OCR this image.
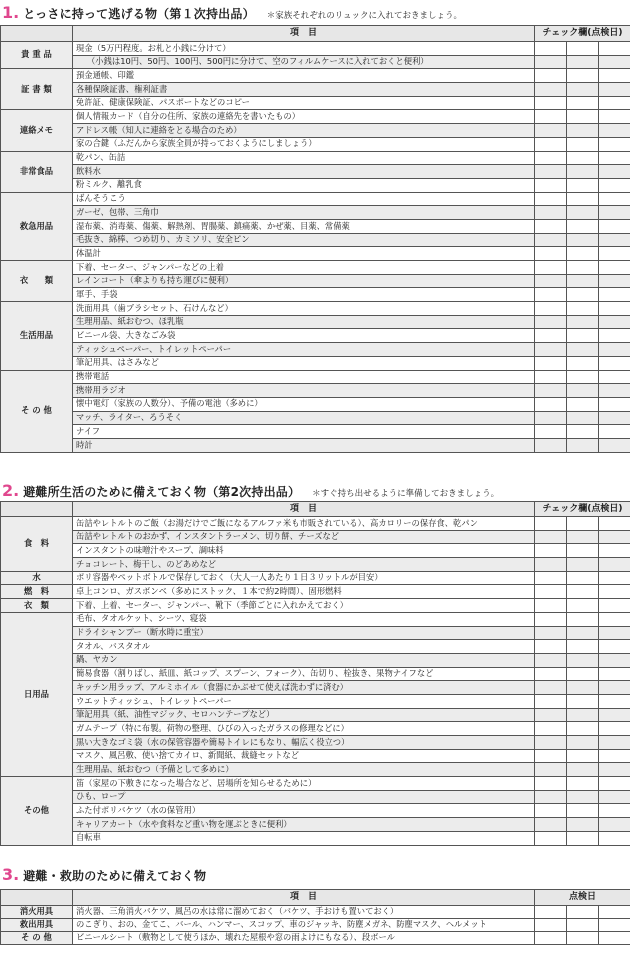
1. とっさに持って逃げる物（第１次持出品） ＊家族それぞれのリュックに入れておきましょう。
	項　目	チェック欄(点検日)		
貴 重 品	現金（5万円程度。お札と小銭に分けて）			
	（小銭は10円、50円、100円、500円に分けて、空のフィルムケースに入れておくと便利）			
証 書 類	預金通帳、印鑑			
	各種保険証書、権利証書			
	免許証、健康保険証、パスポートなどのコピー			
連絡メモ	個人情報カード（自分の住所、家族の連絡先を書いたもの）			
	アドレス帳（知人に連絡をとる場合のため）			
	家の合鍵（ふだんから家族全員が持っておくようにしましょう）			
非常食品	乾パン、缶詰			
	飲料水			
	粉ミルク、離乳食			
救急用品	ばんそうこう			
	ガーゼ、包帯、三角巾			
	湿布薬、消毒薬、傷薬、解熱剤、胃腸薬、鎮痛薬、かぜ薬、目薬、常備薬			
	毛抜き、綿棒、つめ切り、カミソリ、安全ピン			
	体温計			
衣　　類	下着、セーター、ジャンパーなどの上着			
	レインコート（傘よりも持ち運びに便利）			
	軍手、手袋			
生活用品	洗面用具（歯ブラシセット、石けんなど）			
	生理用品、紙おむつ、ほ乳瓶			
	ビニール袋、大きなごみ袋			
	ティッシュペーパー、トイレットペーパー			
	筆記用具、はさみなど			
そ の 他	携帯電話			
	携帯用ラジオ			
	懐中電灯（家族の人数分）、予備の電池（多めに）			
	マッチ、ライター、ろうそく			
	ナイフ			
	時計			
2. 避難所生活のために備えておく物（第2次持出品） ＊すぐ持ち出せるように準備しておきましょう。
	項　目	チェック欄(点検日)		
食　料	缶詰やレトルトのご飯（お湯だけでご飯になるアルファ米も市販されている）、高カロリーの保存食、乾パン			
	缶詰やレトルトのおかず、インスタントラーメン、切り餅、チーズなど			
	インスタントの味噌汁やスープ、調味料			
	チョコレート、梅干し、のどあめなど			
水	ポリ容器やペットボトルで保存しておく（大人一人あたり１日３リットルが目安）			
燃　料	卓上コンロ、ガスボンベ（多めにストック、１本で約2時間）、固形燃料			
衣　類	下着、上着、セーター、ジャンパー、靴下（季節ごとに入れかえておく）			
日用品	毛布、タオルケット、シーツ、寝袋			
	ドライシャンプー（断水時に重宝）			
	タオル、バスタオル			
	鍋、ヤカン			
	簡易食器（割りばし、紙皿、紙コップ、スプーン、フォーク）、缶切り、栓抜き、果物ナイフなど			
	キッチン用ラップ、アルミホイル（食器にかぶせて使えば洗わずに済む）			
	ウエットティッシュ、トイレットペーパー			
	筆記用具（紙、油性マジック、セロハンテープなど）			
	ガムテープ（特に布製。荷物の整理、ひびの入ったガラスの修理などに）			
	黒い大きなゴミ袋（水の保管容器や簡易トイレにもなり、幅広く役立つ）			
	マスク、風呂敷、使い捨てカイロ、新聞紙、裁縫セットなど			
	生理用品、紙おむつ（予備として多めに）			
その他	笛（家屋の下敷きになった場合など、居場所を知らせるために）			
	ひも、ロープ			
	ふた付ポリバケツ（水の保管用）			
	キャリアカート（水や食料など重い物を運ぶときに便利）			
	自転車			
3. 避難・救助のために備えておく物
	項　目	点検日		
消火用具	消火器、三角消火バケツ、風呂の水は常に溜めておく（バケツ、手おけも置いておく）			
救出用具	のこぎり、おの、金てこ、バール、ハンマー、スコップ、車のジャッキ、防塵メガネ、防塵マスク、ヘルメット			
そ の 他	ビニールシート（敷物として使うほか、壊れた屋根や窓の雨よけにもなる）、段ボール			
